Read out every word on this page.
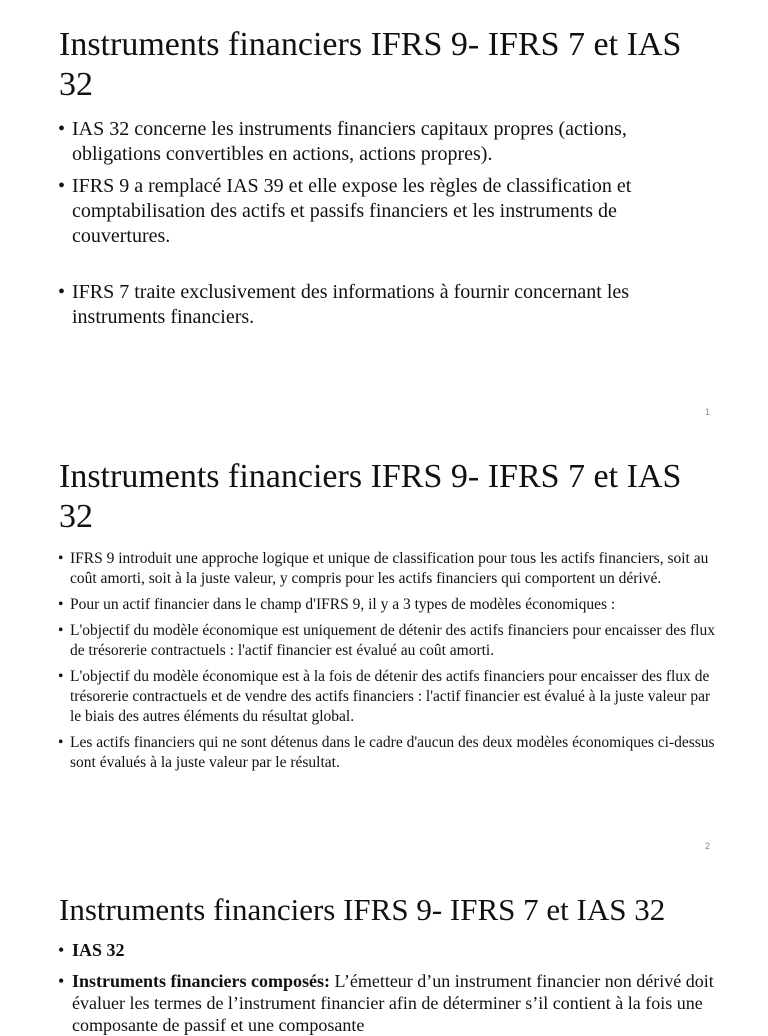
Instruments financiers IFRS 9- IFRS 7 et IAS 32
• IAS 32 concerne les instruments financiers capitaux propres (actions, obligations convertibles en actions, actions propres).
• IFRS 9 a remplacé IAS 39 et elle expose les règles de classification et comptabilisation des actifs et passifs financiers et les instruments de couvertures.
• IFRS 7 traite exclusivement des informations à fournir concernant les instruments financiers.
1
Instruments financiers IFRS 9- IFRS 7 et IAS 32
• IFRS 9 introduit une approche logique et unique de classification pour tous les actifs financiers, soit au coût amorti, soit à la juste valeur, y compris pour les actifs financiers qui comportent un dérivé.
• Pour un actif financier dans le champ d'IFRS 9, il y a 3 types de modèles économiques :
• L'objectif du modèle économique est uniquement de détenir des actifs financiers pour encaisser des flux de trésorerie contractuels : l'actif financier est évalué au coût amorti.
• L'objectif du modèle économique est à la fois de détenir des actifs financiers pour encaisser des flux de trésorerie contractuels et de vendre des actifs financiers : l'actif financier est évalué à la juste valeur par le biais des autres éléments du résultat global.
• Les actifs financiers qui ne sont détenus dans le cadre d'aucun des deux modèles économiques ci-dessus sont évalués à la juste valeur par le résultat.
2
Instruments financiers IFRS 9- IFRS 7 et IAS 32
• IAS 32
• Instruments financiers composés: L’émetteur d’un instrument financier non dérivé doit évaluer les termes de l’instrument financier afin de déterminer s’il contient à la fois une composante de passif et une composante
